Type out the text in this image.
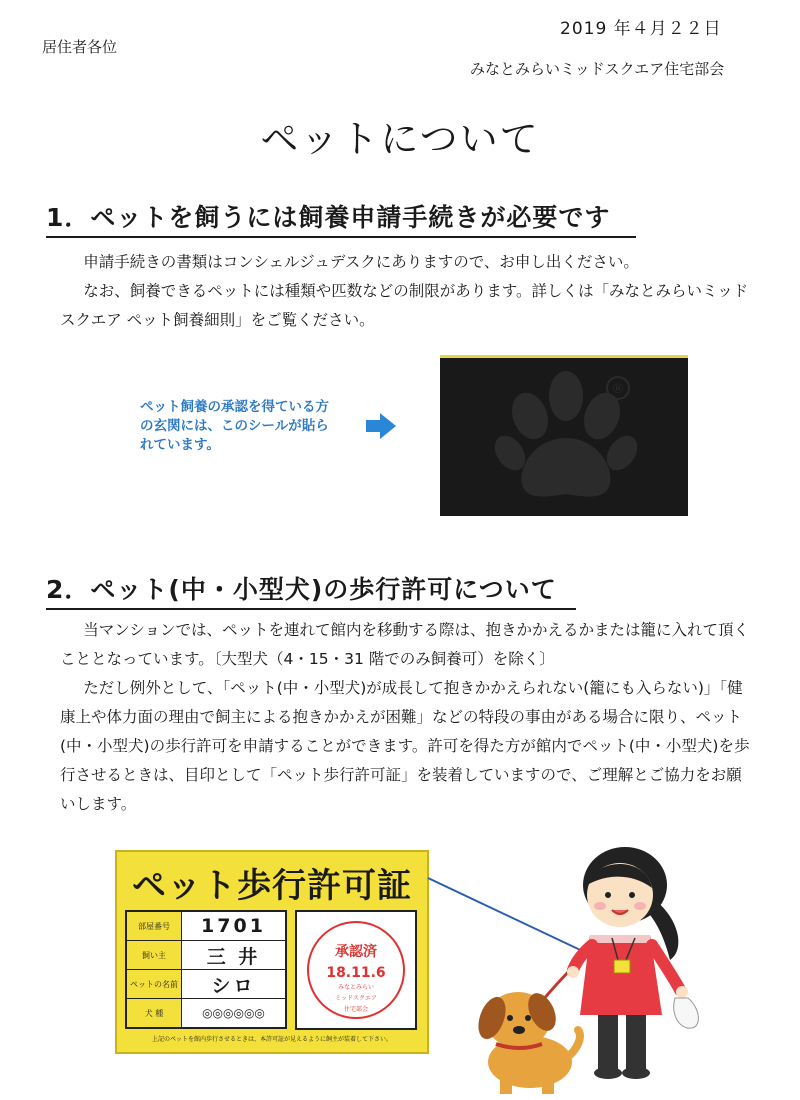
2019 年４月２２日
居住者各位
みなとみらいミッドスクエア住宅部会
ペットについて
1．ペットを飼うには飼養申請手続きが必要です

申請手続きの書類はコンシェルジュデスクにありますので、お申し出ください。

なお、飼養できるペットには種類や匹数などの制限があります。詳しくは「みなとみらいミッドスクエア ペット飼養細則」をご覧ください。

ペット飼養の承認を得ている方の玄関には、このシールが貼られています。
®
2．ペット(中・小型犬)の歩行許可について

当マンションでは、ペットを連れて館内を移動する際は、抱きかかえるかまたは籠に入れて頂くこととなっています。〔大型犬（4・15・31 階でのみ飼養可）を除く〕

ただし例外として、「ペット(中・小型犬)が成長して抱きかかえられない(籠にも入らない)」「健康上や体力面の理由で飼主による抱きかかえが困難」などの特段の事由がある場合に限り、ペット(中・小型犬)の歩行許可を申請することができます。許可を得た方が館内でペット(中・小型犬)を歩行させるときは、目印として「ペット歩行許可証」を装着していますので、ご理解とご協力をお願いします。

ペット歩行許可証
部屋番号	1701
飼い主	三 井
ペットの名前	シロ
犬 種	◎◎◎◎◎◎
承認済
18.11.6
みなとみらい
ミッドスクエア
住宅部会
上記のペットを館内歩行させるときは、本許可証が見えるように飼主が装着して下さい。
